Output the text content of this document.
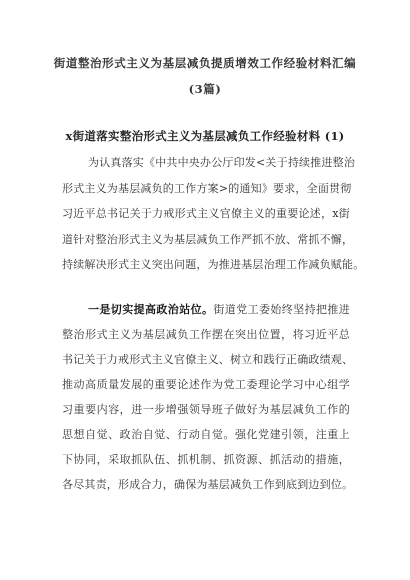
街道整治形式主义为基层减负提质增效工作经验材料汇编
(3篇)
x街道落实整治形式主义为基层减负工作经验材料 (1)
为认真落实《中共中央办公厅印发<关于持续推进整治
形式主义为基层减负的工作方案>的通知》要求，全面贯彻
习近平总书记关于力戒形式主义官僚主义的重要论述，x街
道针对整治形式主义为基层减负工作严抓不放、常抓不懈，
持续解决形式主义突出问题，为推进基层治理工作减负赋能。
一是切实提高政治站位。街道党工委始终坚持把推进
整治形式主义为基层减负工作摆在突出位置，将习近平总
书记关于力戒形式主义官僚主义、树立和践行正确政绩观、
推动高质量发展的重要论述作为党工委理论学习中心组学
习重要内容，进一步增强领导班子做好为基层减负工作的
思想自觉、政治自觉、行动自觉。强化党建引领，注重上
下协同，采取抓队伍、抓机制、抓资源、抓活动的措施，
各尽其责，形成合力，确保为基层减负工作到底到边到位。
